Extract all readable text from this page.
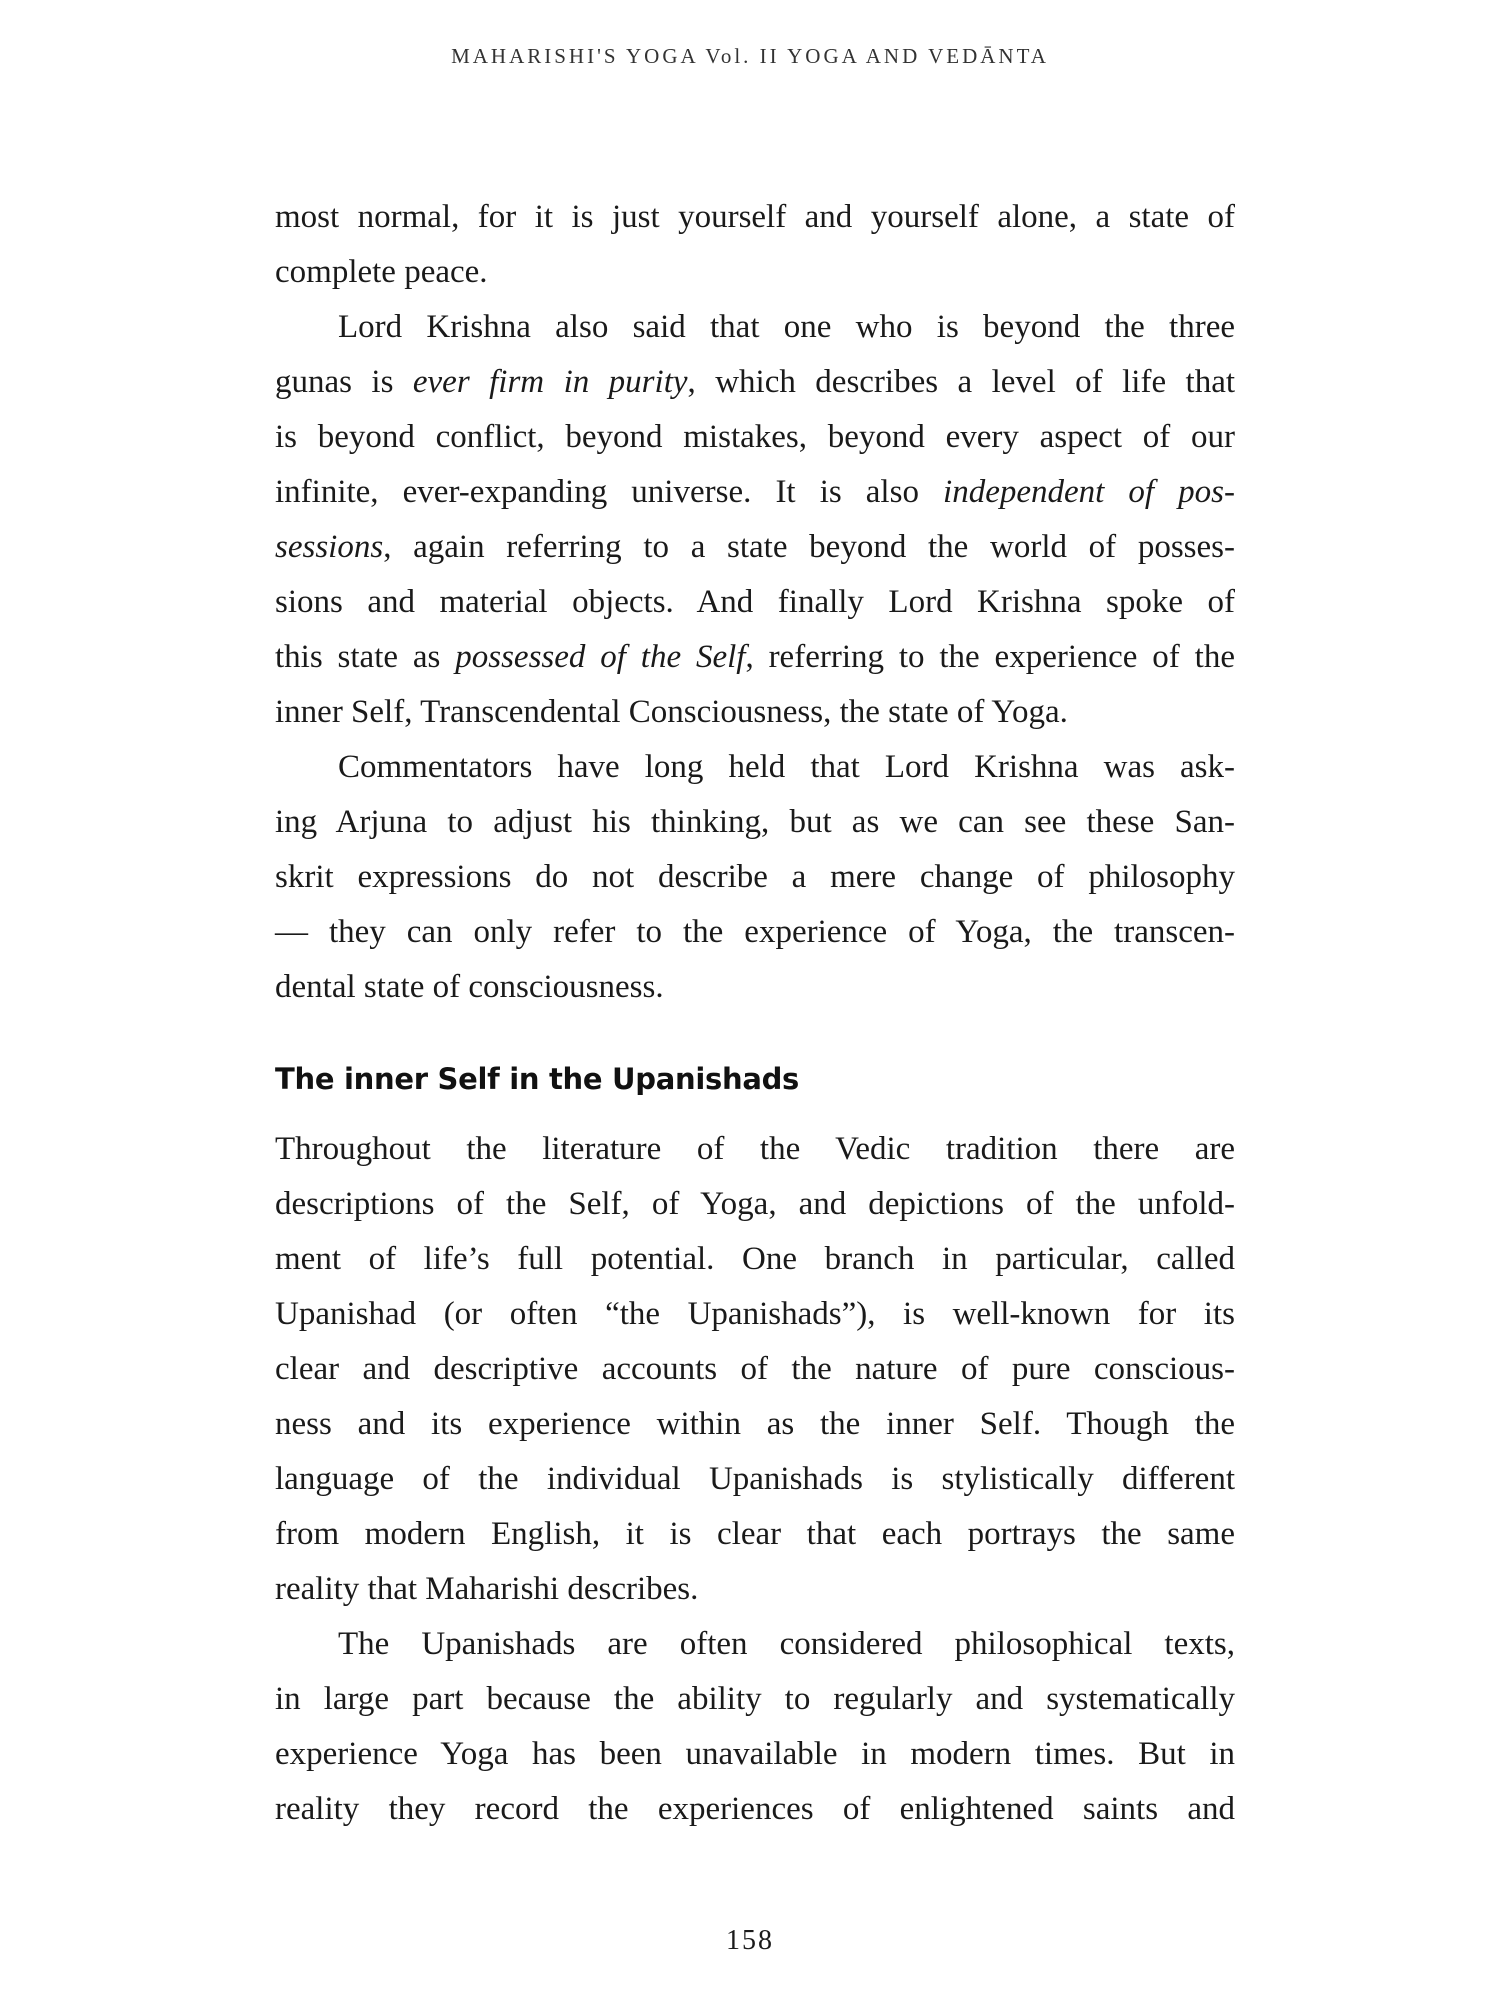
MAHARISHI'S YOGA Vol. II YOGA AND VEDĀNTA
most normal, for it is just yourself and yourself alone, a state of
complete peace.
Lord Krishna also said that one who is beyond the three
gunas is ever firm in purity, which describes a level of life that
is beyond conflict, beyond mistakes, beyond every aspect of our
infinite, ever-expanding universe. It is also independent of pos-
sessions, again referring to a state beyond the world of posses-
sions and material objects. And finally Lord Krishna spoke of
this state as possessed of the Self, referring to the experience of the
inner Self, Transcendental Consciousness, the state of Yoga.
Commentators have long held that Lord Krishna was ask-
ing Arjuna to adjust his thinking, but as we can see these San-
skrit expressions do not describe a mere change of philosophy
— they can only refer to the experience of Yoga, the transcen-
dental state of consciousness.
The inner Self in the Upanishads
Throughout the literature of the Vedic tradition there are
descriptions of the Self, of Yoga, and depictions of the unfold-
ment of life’s full potential. One branch in particular, called
Upanishad (or often “the Upanishads”), is well-known for its
clear and descriptive accounts of the nature of pure conscious-
ness and its experience within as the inner Self. Though the
language of the individual Upanishads is stylistically different
from modern English, it is clear that each portrays the same
reality that Maharishi describes.
The Upanishads are often considered philosophical texts,
in large part because the ability to regularly and systematically
experience Yoga has been unavailable in modern times. But in
reality they record the experiences of enlightened saints and
158
